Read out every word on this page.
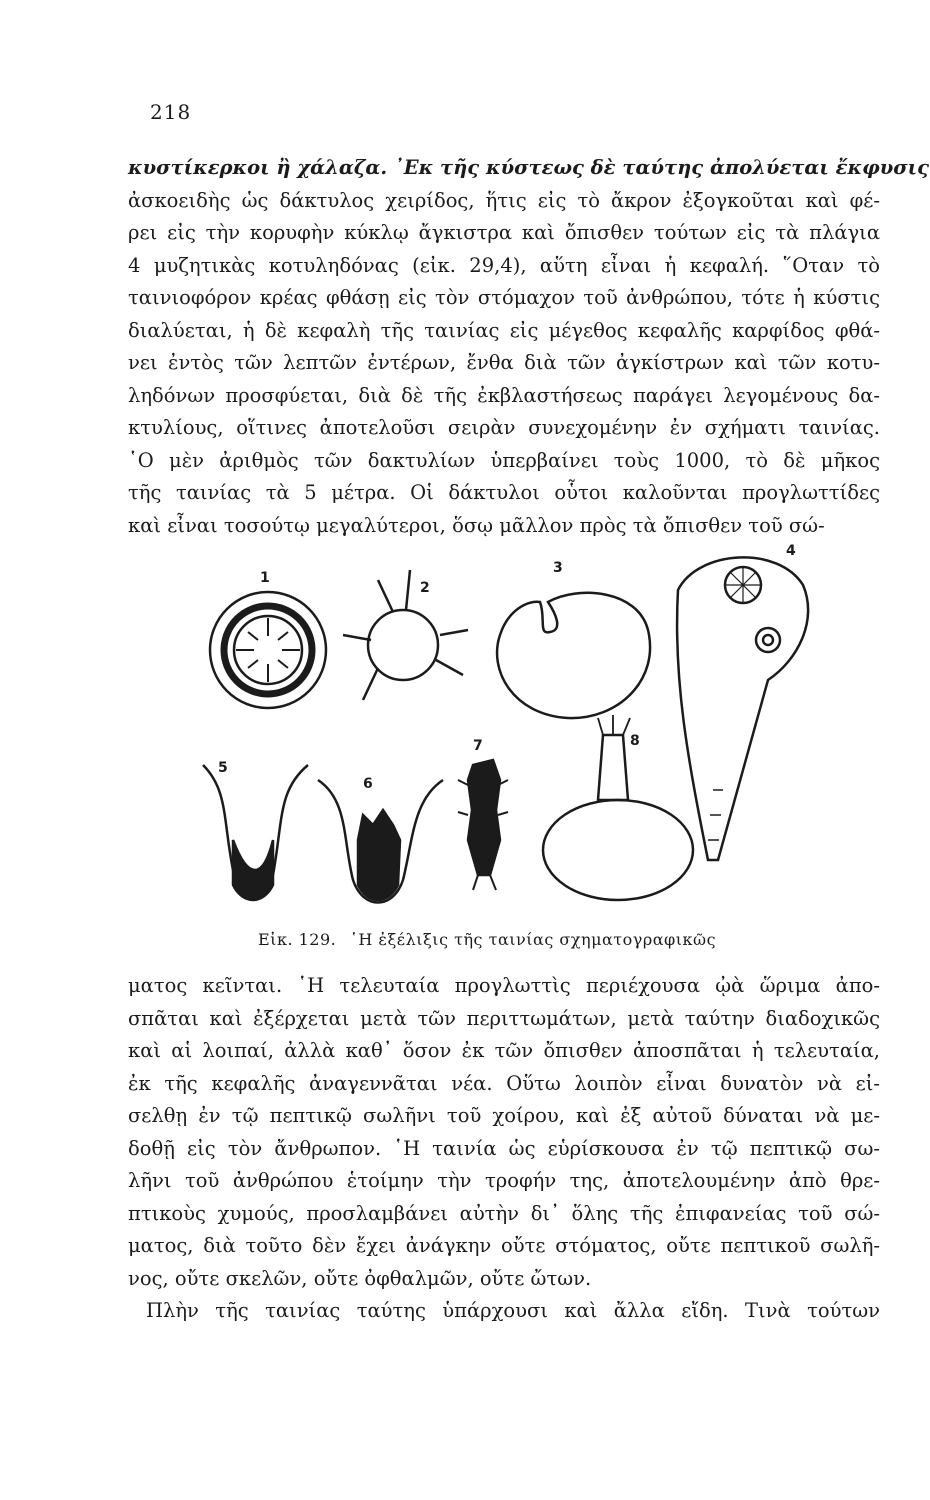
218
κυστίκερκοι ἢ χάλαζα. ᾿Εκ τῆς κύστεως δὲ ταύτης ἀπολύεται ἔκφυσις
ἀσκοειδὴς ὡς δάκτυλος χειρίδος, ἥτις εἰς τὸ ἄκρον ἐξογκοῦται καὶ φέ-
ρει εἰς τὴν κορυφὴν κύκλῳ ἄγκιστρα καὶ ὄπισθεν τούτων εἰς τὰ πλάγια
4 μυζητικὰς κοτυληδόνας (εἰκ. 29,4), αὕτη εἶναι ἡ κεφαλή. ῞Οταν τὸ
ταινιοφόρον κρέας φθάσῃ εἰς τὸν στόμαχον τοῦ ἀνθρώπου, τότε ἡ κύστις
διαλύεται, ἡ δὲ κεφαλὴ τῆς ταινίας εἰς μέγεθος κεφαλῆς καρφίδος φθά-
νει ἐντὸς τῶν λεπτῶν ἐντέρων, ἔνθα διὰ τῶν ἀγκίστρων καὶ τῶν κοτυ-
ληδόνων προσφύεται, διὰ δὲ τῆς ἐκβλαστήσεως παράγει λεγομένους δα-
κτυλίους, οἵτινες ἀποτελοῦσι σειρὰν συνεχομένην ἐν σχήματι ταινίας.
῾Ο μὲν ἀριθμὸς τῶν δακτυλίων ὑπερβαίνει τοὺς 1000, τὸ δὲ μῆκος
τῆς ταινίας τὰ 5 μέτρα. Οἱ δάκτυλοι οὗτοι καλοῦνται προγλωττίδες
καὶ εἶναι τοσούτῳ μεγαλύτεροι, ὅσῳ μᾶλλον πρὸς τὰ ὄπισθεν τοῦ σώ-
1
2
3
4
5
6
7	8
Εἰκ. 129. ῾Η ἐξέλιξις τῆς ταινίας σχηματογραφικῶς
ματος κεῖνται. ῾Η τελευταία προγλωττὶς περιέχουσα ᾠὰ ὥριμα ἀπο-
σπᾶται καὶ ἐξέρχεται μετὰ τῶν περιττωμάτων, μετὰ ταύτην διαδοχικῶς
καὶ αἱ λοιπαί, ἀλλὰ καθ᾿ ὅσον ἐκ τῶν ὄπισθεν ἀποσπᾶται ἡ τελευταία,
ἐκ τῆς κεφαλῆς ἀναγεννᾶται νέα. Οὕτω λοιπὸν εἶναι δυνατὸν νὰ εἰ-
σελθῃ ἐν τῷ πεπτικῷ σωλῆνι τοῦ χοίρου, καὶ ἐξ αὐτοῦ δύναται νὰ με-
δοθῇ εἰς τὸν ἄνθρωπον. ῾Η ταινία ὡς εὑρίσκουσα ἐν τῷ πεπτικῷ σω-
λῆνι τοῦ ἀνθρώπου ἑτοίμην τὴν τροφήν της, ἀποτελουμένην ἀπὸ θρε-
πτικοὺς χυμούς, προσλαμβάνει αὐτὴν δι᾿ ὅλης τῆς ἐπιφανείας τοῦ σώ-
ματος, διὰ τοῦτο δὲν ἔχει ἀνάγκην οὔτε στόματος, οὔτε πεπτικοῦ σωλῆ-
νος, οὔτε σκελῶν, οὔτε ὀφθαλμῶν, οὔτε ὤτων.
Πλὴν τῆς ταινίας ταύτης ὑπάρχουσι καὶ ἄλλα εἴδη. Τινὰ τούτων
